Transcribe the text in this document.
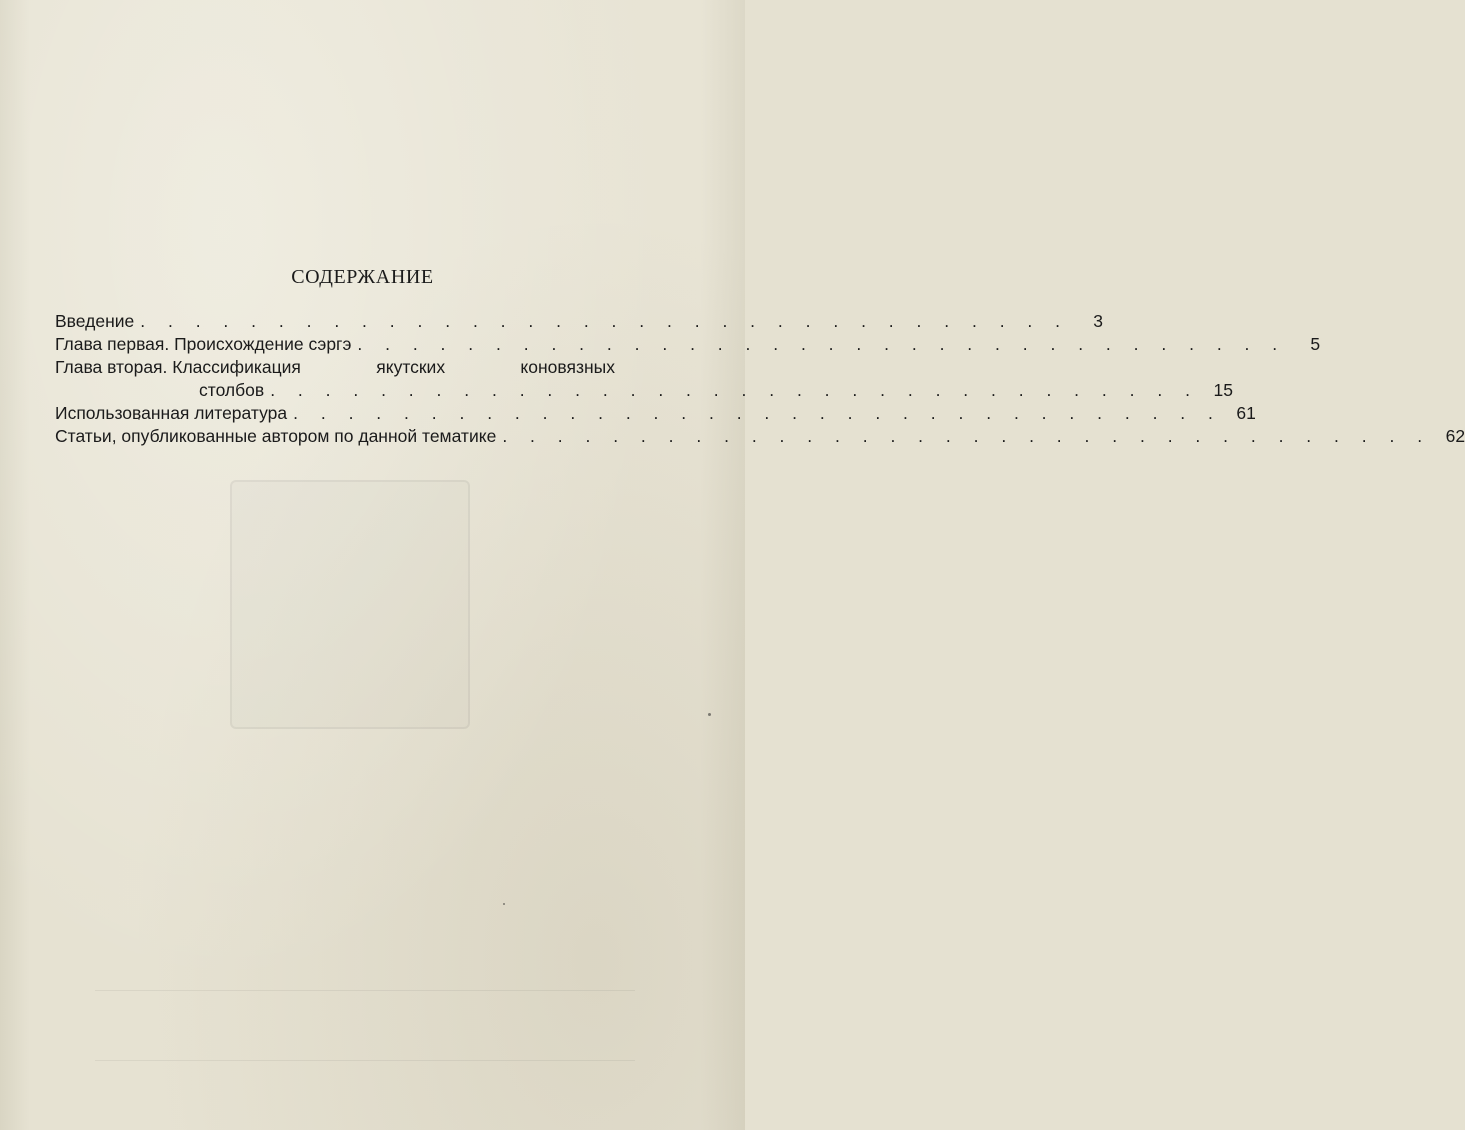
СОДЕРЖАНИЕ
Введение . . . . . . . . . . . . . . . . . . . . . . . . . . . . . . . . . .	3
Глава первая. Происхождение сэргэ . . . . . . . . . . . . . . . . . . . . . . . . . . . . . . . . . .	5
Глава вторая. Классификация	якутских	коновязных
столбов . . . . . . . . . . . . . . . . . . . . . . . . . . . . . . . . . . 15
Использованная литература . . . . . . . . . . . . . . . . . . . . . . . . . . . . . . . . . . 61
Статьи, опубликованные автором по данной тематике . . . . . . . . . . . . . . . . . . . . . . . . . . . . . . . . . . 62
